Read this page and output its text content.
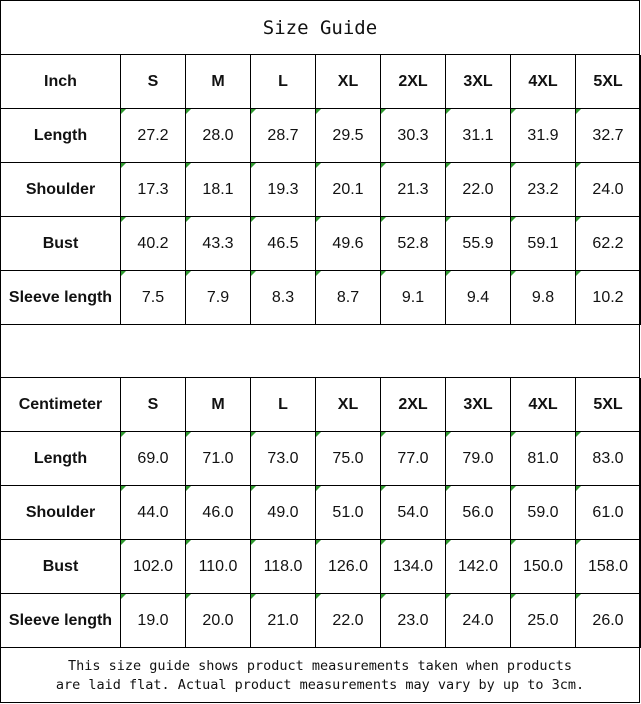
Size Guide
Inch	S	M	L	XL	2XL	3XL	4XL	5XL
Length	27.2	28.0	28.7	29.5	30.3	31.1	31.9	32.7
Shoulder	17.3	18.1	19.3	20.1	21.3	22.0	23.2	24.0
Bust	40.2	43.3	46.5	49.6	52.8	55.9	59.1	62.2
Sleeve length	7.5	7.9	8.3	8.7	9.1	9.4	9.8	10.2
Centimeter	S	M	L	XL	2XL	3XL	4XL	5XL
Length	69.0	71.0	73.0	75.0	77.0	79.0	81.0	83.0
Shoulder	44.0	46.0	49.0	51.0	54.0	56.0	59.0	61.0
Bust	102.0	110.0	118.0	126.0	134.0	142.0	150.0	158.0
Sleeve length	19.0	20.0	21.0	22.0	23.0	24.0	25.0	26.0
This size guide shows product measurements taken when products
are laid flat. Actual product measurements may vary by up to 3cm.
